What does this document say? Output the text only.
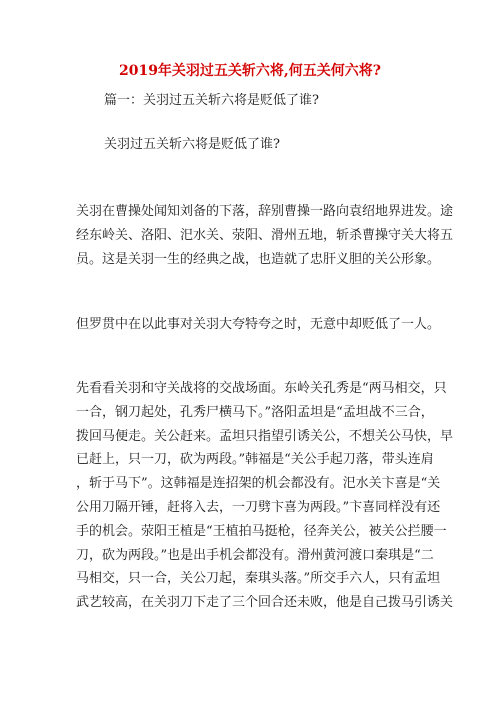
2019年关羽过五关斩六将,何五关何六将?
篇一：关羽过五关斩六将是贬低了谁?
关羽过五关斩六将是贬低了谁?
关羽在曹操处闻知刘备的下落，辞别曹操一路向袁绍地界进发。途
经东岭关、洛阳、汜水关、荥阳、滑州五地，斩杀曹操守关大将五
员。这是关羽一生的经典之战，也造就了忠肝义胆的关公形象。
但罗贯中在以此事对关羽大夸特夸之时，无意中却贬低了一人。
先看看关羽和守关战将的交战场面。东岭关孔秀是“两马相交，只
一合，钢刀起处，孔秀尸横马下。”洛阳孟坦是“孟坦战不三合，
拨回马便走。关公赶来。孟坦只指望引诱关公，不想关公马快，早
已赶上，只一刀，砍为两段。”韩福是“关公手起刀落，带头连肩
，斩于马下”。这韩福是连招架的机会都没有。汜水关卞喜是“关
公用刀隔开锤，赶将入去，一刀劈卞喜为两段。”卞喜同样没有还
手的机会。荥阳王植是“王植拍马挺枪，径奔关公，被关公拦腰一
刀，砍为两段。”也是出手机会都没有。滑州黄河渡口秦琪是“二
马相交，只一合，关公刀起，秦琪头落。”所交手六人，只有孟坦
武艺较高，在关羽刀下走了三个回合还未败，他是自己拨马引诱关
